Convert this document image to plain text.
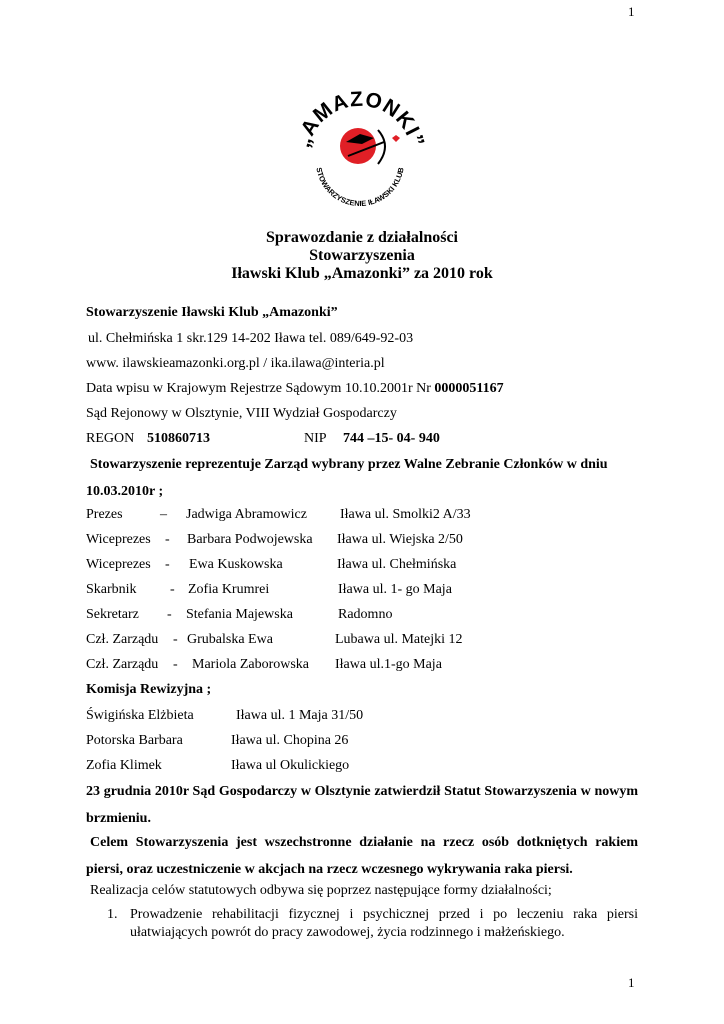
1
1
„AMAZONKI”
STOWARZYSZENIE IŁAWSKI KLUB
Sprawozdanie z działalności
Stowarzyszenia
Iławski Klub „Amazonki” za 2010 rok
Stowarzyszenie Iławski Klub „Amazonki”
ul. Chełmińska 1 skr.129 14-202 Iława tel. 089/649-92-03
www. ilawskieamazonki.org.pl / ika.ilawa@interia.pl
Data wpisu w Krajowym Rejestrze Sądowym 10.10.2001r Nr 0000051167
Sąd Rejonowy w Olsztynie, VIII Wydział Gospodarczy
REGON 510860713	NIP 744 –15- 04- 940
Stowarzyszenie reprezentuje Zarząd wybrany przez Walne Zebranie Członków w dniu
10.03.2010r ;
Prezes	– Jadwiga Abramowicz Iława ul. Smolki2 A/33
Wiceprezes - Barbara Podwojewska Iława ul. Wiejska 2/50
Wiceprezes - Ewa Kuskowska	Iława ul. Chełmińska
Skarbnik - Zofia Krumrei	Iława ul. 1- go Maja
Sekretarz - Stefania Majewska	Radomno
Czł. Zarządu - Grubalska Ewa	Lubawa ul. Matejki 12
Czł. Zarządu - Mariola Zaborowska Iława ul.1-go Maja
Komisja Rewizyjna ;
Świgińska Elżbieta	Iława ul. 1 Maja 31/50
Potorska Barbara	Iława ul. Chopina 26
Zofia Klimek	Iława ul Okulickiego
23 grudnia 2010r Sąd Gospodarczy w Olsztynie zatwierdził Statut Stowarzyszenia w nowym brzmieniu.
Celem Stowarzyszenia jest wszechstronne działanie na rzecz osób dotkniętych rakiem piersi, oraz uczestniczenie w akcjach na rzecz wczesnego wykrywania raka piersi.
Realizacja celów statutowych odbywa się poprzez następujące formy działalności;
1. Prowadzenie rehabilitacji fizycznej i psychicznej przed i po leczeniu raka piersi
ułatwiających powrót do pracy zawodowej, życia rodzinnego i małżeńskiego.
